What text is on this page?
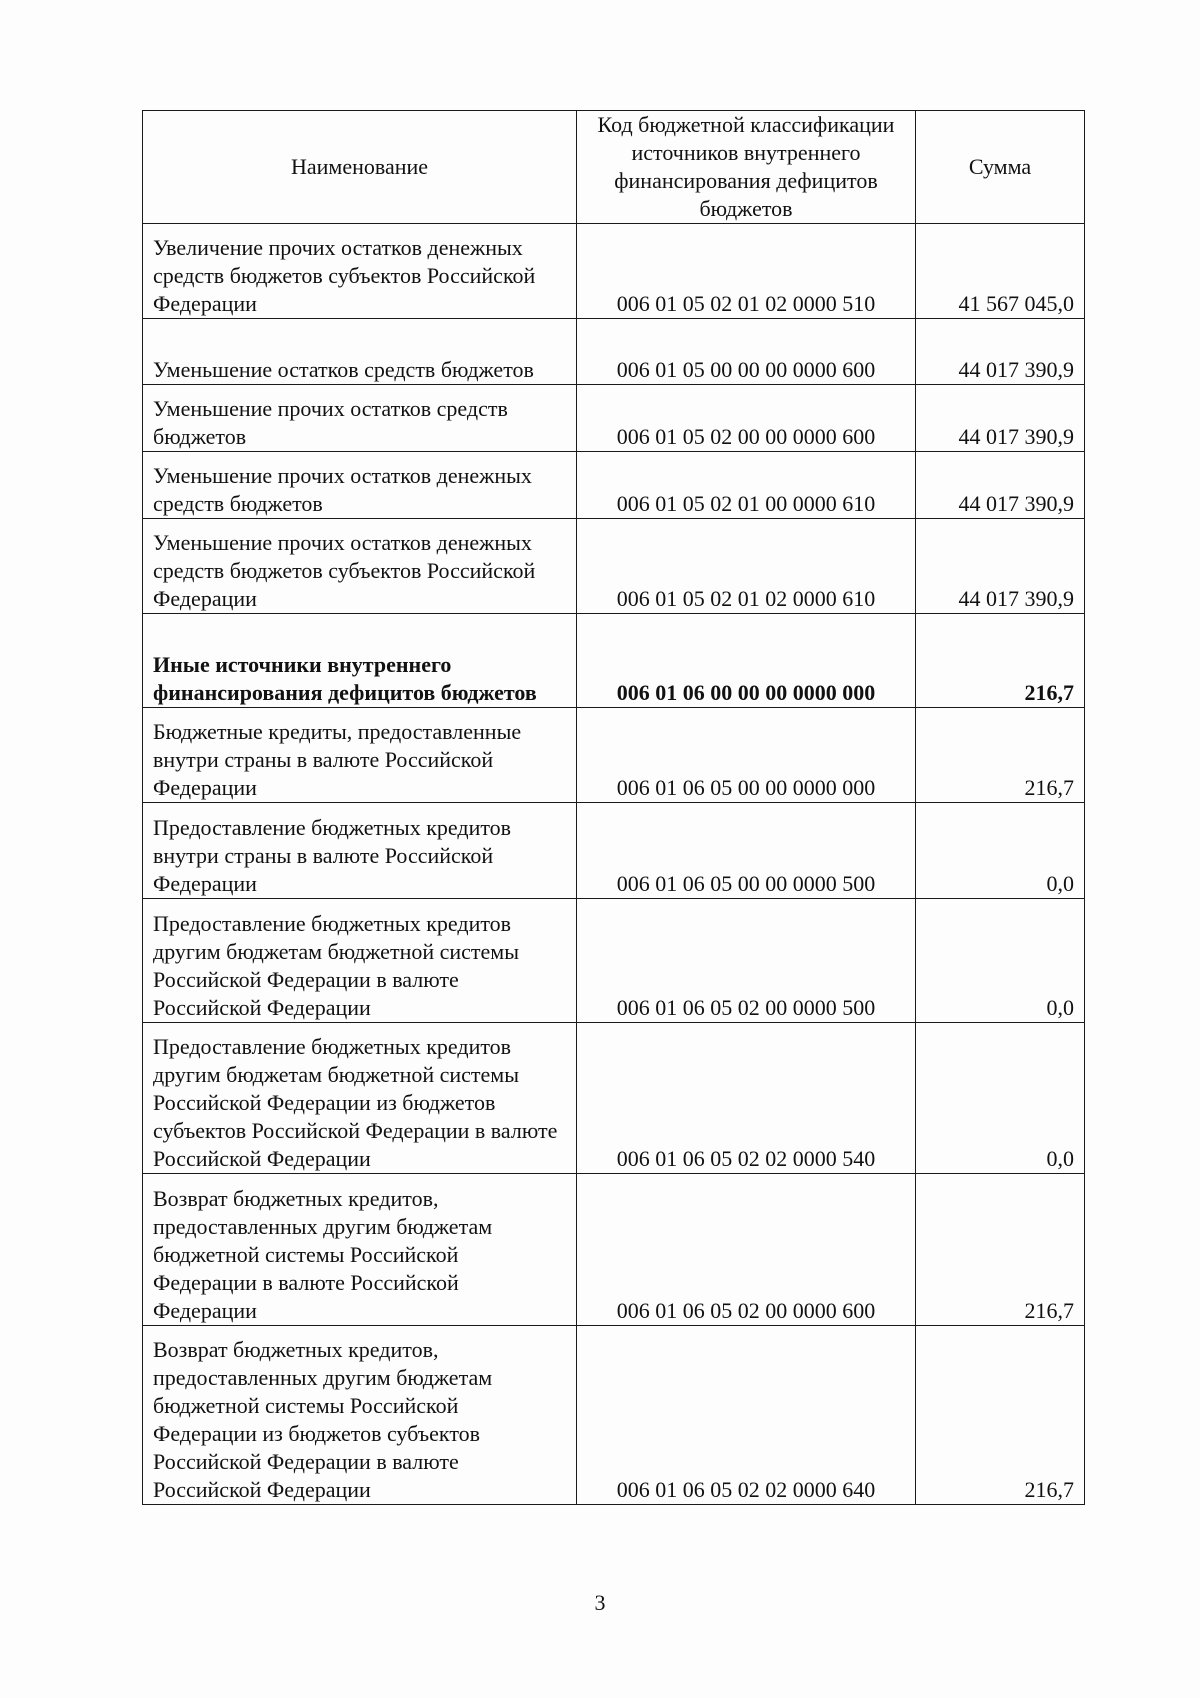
Наименование	Код бюджетной классификации источников внутреннего финансирования дефицитов бюджетов	Сумма
Увеличение прочих остатков денежных средств бюджетов субъектов Российской Федерации	006 01 05 02 01 02 0000 510	41 567 045,0
Уменьшение остатков средств бюджетов	006 01 05 00 00 00 0000 600	44 017 390,9
Уменьшение прочих остатков средств бюджетов	006 01 05 02 00 00 0000 600	44 017 390,9
Уменьшение прочих остатков денежных средств бюджетов	006 01 05 02 01 00 0000 610	44 017 390,9
Уменьшение прочих остатков денежных средств бюджетов субъектов Российской Федерации	006 01 05 02 01 02 0000 610	44 017 390,9
Иные источники внутреннего финансирования дефицитов бюджетов	006 01 06 00 00 00 0000 000	216,7
Бюджетные кредиты, предоставленные внутри страны в валюте Российской Федерации	006 01 06 05 00 00 0000 000	216,7
Предоставление бюджетных кредитов внутри страны в валюте Российской Федерации	006 01 06 05 00 00 0000 500	0,0
Предоставление бюджетных кредитов другим бюджетам бюджетной системы Российской Федерации в валюте Российской Федерации	006 01 06 05 02 00 0000 500	0,0
Предоставление бюджетных кредитов другим бюджетам бюджетной системы Российской Федерации из бюджетов субъектов Российской Федерации в валюте Российской Федерации	006 01 06 05 02 02 0000 540	0,0
Возврат бюджетных кредитов, предоставленных другим бюджетам бюджетной системы Российской Федерации в валюте Российской Федерации	006 01 06 05 02 00 0000 600	216,7
Возврат бюджетных кредитов, предоставленных другим бюджетам бюджетной системы Российской Федерации из бюджетов субъектов Российской Федерации в валюте Российской Федерации	006 01 06 05 02 02 0000 640	216,7
3
